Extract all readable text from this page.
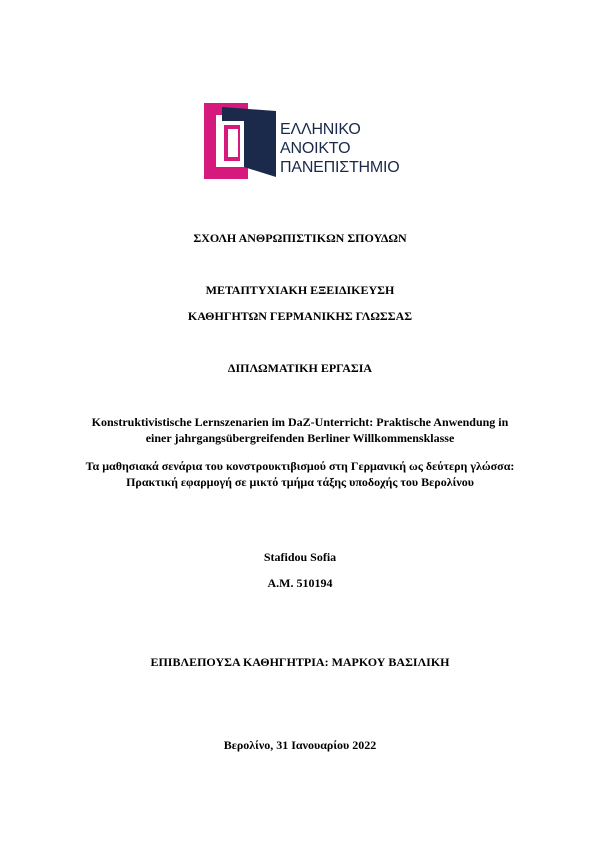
ΕΛΛΗΝΙΚΟ
ΑΝΟΙΚΤΟ
ΠΑΝΕΠΙΣΤΗΜΙΟ
ΣΧΟΛΗ ΑΝΘΡΩΠΙΣΤΙΚΩΝ ΣΠΟΥΔΩΝ
ΜΕΤΑΠΤΥΧΙΑΚΗ ΕΞΕΙΔΙΚΕΥΣΗ
ΚΑΘΗΓΗΤΩΝ ΓΕΡΜΑΝΙΚΗΣ ΓΛΩΣΣΑΣ
ΔΙΠΛΩΜΑΤΙΚΗ ΕΡΓΑΣΙΑ
Konstruktivistische Lernszenarien im DaZ-Unterricht: Praktische Anwendung in
einer jahrgangsübergreifenden Berliner Willkommensklasse
Τα μαθησιακά σενάρια του κονστρουκτιβισμού στη Γερμανική ως δεύτερη γλώσσα:
Πρακτική εφαρμογή σε μικτό τμήμα τάξης υποδοχής του Βερολίνου
Stafidou Sofia
A.M. 510194
ΕΠΙΒΛΕΠΟΥΣΑ ΚΑΘΗΓΗΤΡΙΑ: ΜΑΡΚΟΥ ΒΑΣΙΛΙΚΗ
Βερολίνο, 31 Ιανουαρίου 2022
